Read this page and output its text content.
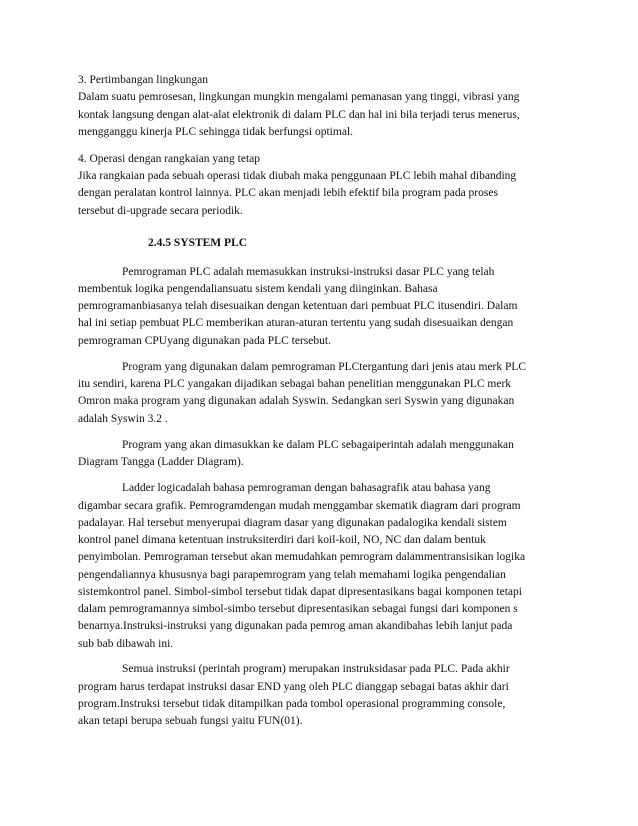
3. Pertimbangan lingkungan
Dalam suatu pemrosesan, lingkungan mungkin mengalami pemanasan yang tinggi, vibrasi yang
kontak langsung dengan alat-alat elektronik di dalam PLC dan hal ini bila terjadi terus menerus,
mengganggu kinerja PLC sehingga tidak berfungsi optimal.
4. Operasi dengan rangkaian yang tetap
Jika rangkaian pada sebuah operasi tidak diubah maka penggunaan PLC lebih mahal dibanding
dengan peralatan kontrol lainnya. PLC akan menjadi lebih efektif bila program pada proses
tersebut di-upgrade secara periodik.
2.4.5 SYSTEM PLC
Pemrograman PLC adalah memasukkan instruksi-instruksi dasar PLC yang telah
membentuk logika pengendaliansuatu sistem kendali yang diinginkan. Bahasa
pemrogramanbiasanya telah disesuaikan dengan ketentuan dari pembuat PLC itusendiri. Dalam
hal ini setiap pembuat PLC memberikan aturan-aturan tertentu yang sudah disesuaikan dengan
pemrograman CPUyang digunakan pada PLC tersebut.
Program yang digunakan dalam pemrograman PLCtergantung dari jenis atau merk PLC
itu sendiri, karena PLC yangakan dijadikan sebagai bahan penelitian menggunakan PLC merk
Omron maka program yang digunakan adalah Syswin. Sedangkan seri Syswin yang digunakan
adalah Syswin 3.2 .
Program yang akan dimasukkan ke dalam PLC sebagaiperintah adalah menggunakan
Diagram Tangga (Ladder Diagram).
Ladder logicadalah bahasa pemrograman dengan bahasagrafik atau bahasa yang
digambar secara grafik. Pemrogramdengan mudah menggambar skematik diagram dari program
padalayar. Hal tersebut menyerupai diagram dasar yang digunakan padalogika kendali sistem
kontrol panel dimana ketentuan instruksiterdiri dari koil-koil, NO, NC dan dalam bentuk
penyimbolan. Pemrograman tersebut akan memudahkan pemrogram dalammentransisikan logika
pengendaliannya khususnya bagi parapemrogram yang telah memahami logika pengendalian
sistemkontrol panel. Simbol-simbol tersebut tidak dapat dipresentasikans bagai komponen tetapi
dalam pemrogramannya simbol-simbo tersebut dipresentasikan sebagai fungsi dari komponen s
benarnya.Instruksi-instruksi yang digunakan pada pemrog aman akandibahas lebih lanjut pada
sub bab dibawah ini.
Semua instruksi (perintah program) merupakan instruksidasar pada PLC. Pada akhir
program harus terdapat instruksi dasar END yang oleh PLC dianggap sebagai batas akhir dari
program.Instruksi tersebut tidak ditampilkan pada tombol operasional programming console,
akan tetapi berupa sebuah fungsi yaitu FUN(01).
